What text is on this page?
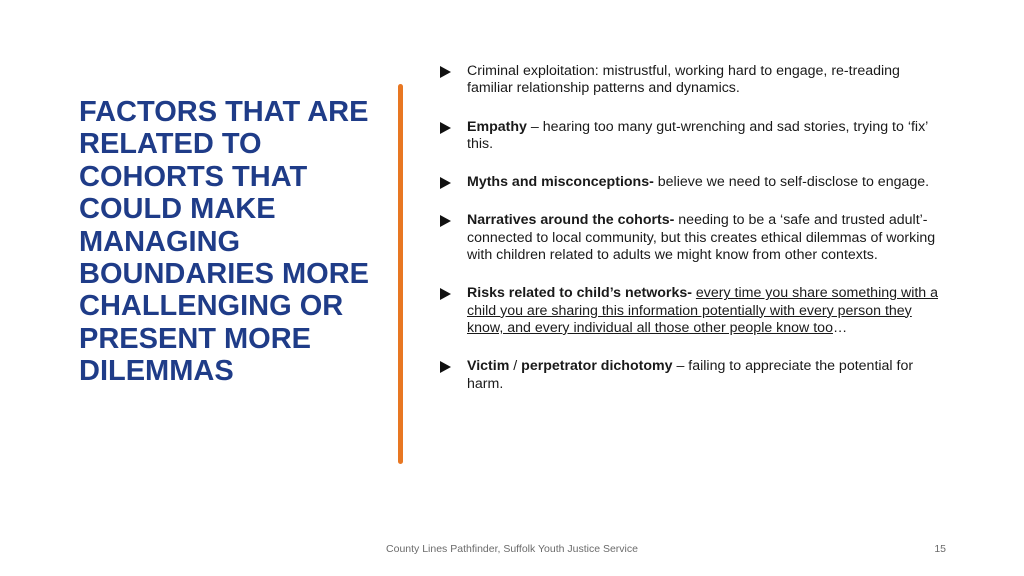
FACTORS THAT ARE RELATED TO COHORTS THAT COULD MAKE MANAGING BOUNDARIES MORE CHALLENGING OR PRESENT MORE DILEMMAS
Criminal exploitation: mistrustful, working hard to engage, re-treading familiar relationship patterns and dynamics.
Empathy – hearing too many gut-wrenching and sad stories, trying to ‘fix’ this.
Myths and misconceptions- believe we need to self-disclose to engage.
Narratives around the cohorts- needing to be a ‘safe and trusted adult’- connected to local community, but this creates ethical dilemmas of working with children related to adults we might know from other contexts.
Risks related to child’s networks- every time you share something with a child you are sharing this information potentially with every person they know, and every individual all those other people know too…
Victim / perpetrator dichotomy – failing to appreciate the potential for harm.
County Lines Pathfinder, Suffolk Youth Justice Service	15
